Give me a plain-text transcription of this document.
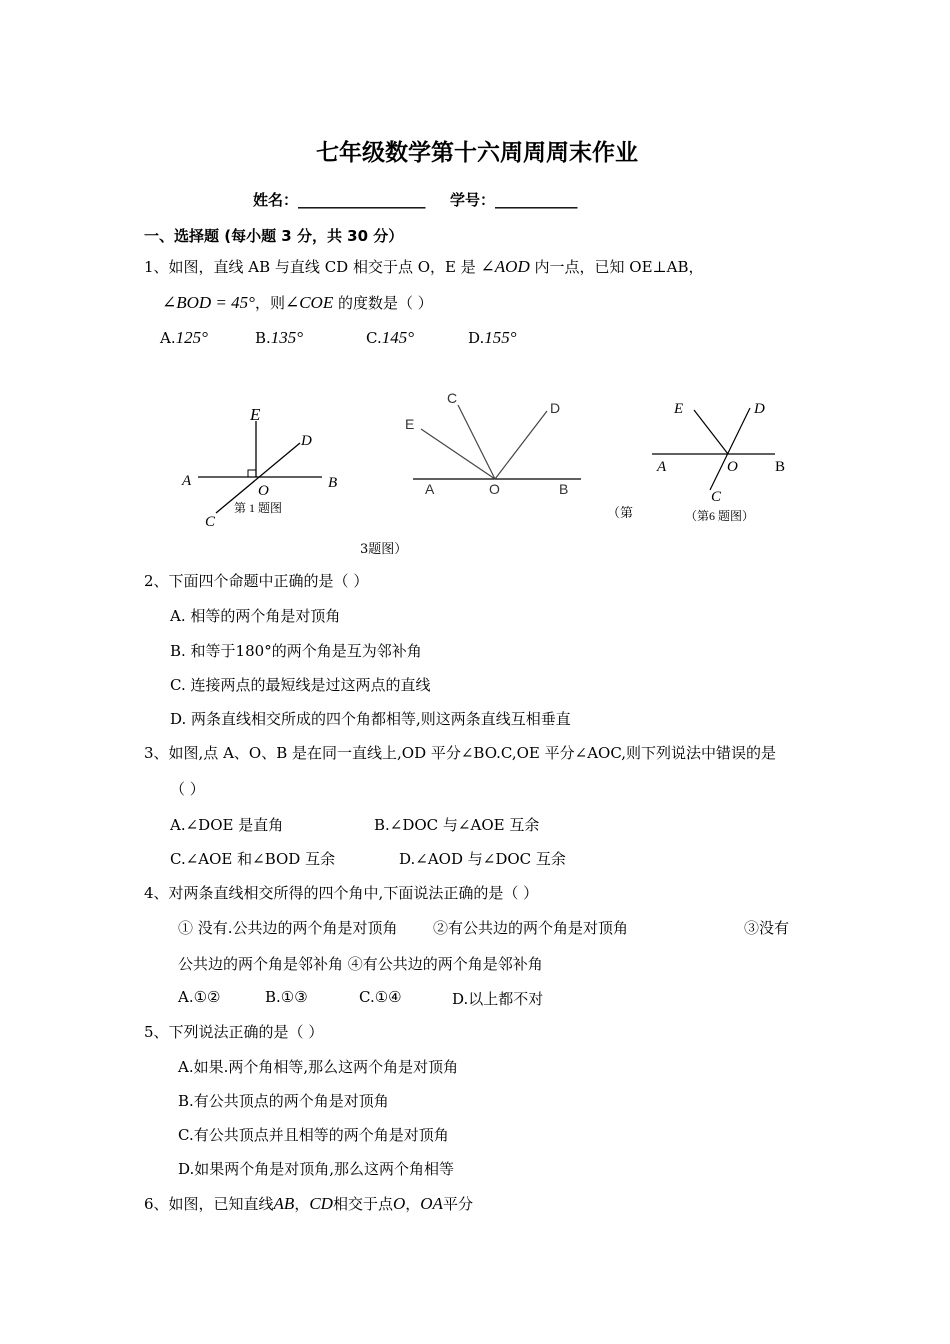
七年级数学第十六周周周末作业
姓名：_________________ 学号：___________
一、选择题 (每小题 3 分，共 30 分）
1、如图，直线 AB 与直线 CD 相交于点 O，E 是 ∠AOD 内一点，已知 OE⊥AB，
∠BOD = 45°，则∠COE 的度数是（ ）
A.125°	B.135°	C.145°	D.155°
E
D
A
O	B
C
第 1 题图
C
D
E
A	O	B
（第
3题图）
E	D
A	O B
C
（第6 题图）
2、下面四个命题中正确的是（ ）
A. 相等的两个角是对顶角
B. 和等于180°的两个角是互为邻补角
C. 连接两点的最短线是过这两点的直线
D. 两条直线相交所成的四个角都相等,则这两条直线互相垂直
3、如图,点 A、O、B 是在同一直线上,OD 平分∠BO.C,OE 平分∠AOC,则下列说法中错误的是
（ ）
A.∠DOE 是直角	B.∠DOC 与∠AOE 互余
C.∠AOE 和∠BOD 互余	D.∠AOD 与∠DOC 互余
4、对两条直线相交所得的四个角中,下面说法正确的是（ ）
① 没有.公共边的两个角是对顶角 ②有公共边的两个角是对顶角	③没有
公共边的两个角是邻补角 ④有公共边的两个角是邻补角
A.①②	B.①③	C.①④	D.以上都不对
5、下列说法正确的是（ ）
A.如果.两个角相等,那么这两个角是对顶角
B.有公共顶点的两个角是对顶角
C.有公共顶点并且相等的两个角是对顶角
D.如果两个角是对顶角,那么这两个角相等
6、如图，已知直线AB，CD相交于点O，OA平分
